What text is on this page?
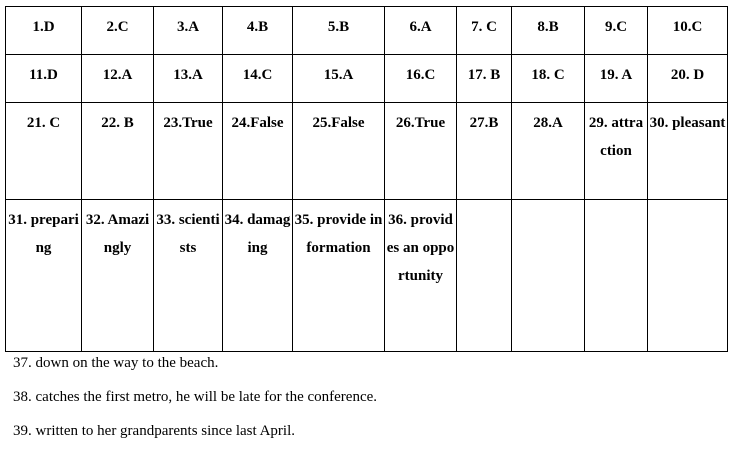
1.D	2.C	3.A	4.B	5.B	6.A	7. C	8.B	9.C	10.C
11.D	12.A	13.A	14.C	15.A	16.C	17. B	18. C	19. A	20. D
21. C	22. B	23.True	24.False	25.False	26.True	27.B	28.A	29. attraction	30. pleasant
31. preparing	32. Amazingly	33. scientists	34. damaging	35. provide information	36. provides an opportunity				
37. down on the way to the beach.
38. catches the first metro, he will be late for the conference.
39. written to her grandparents since last April.
